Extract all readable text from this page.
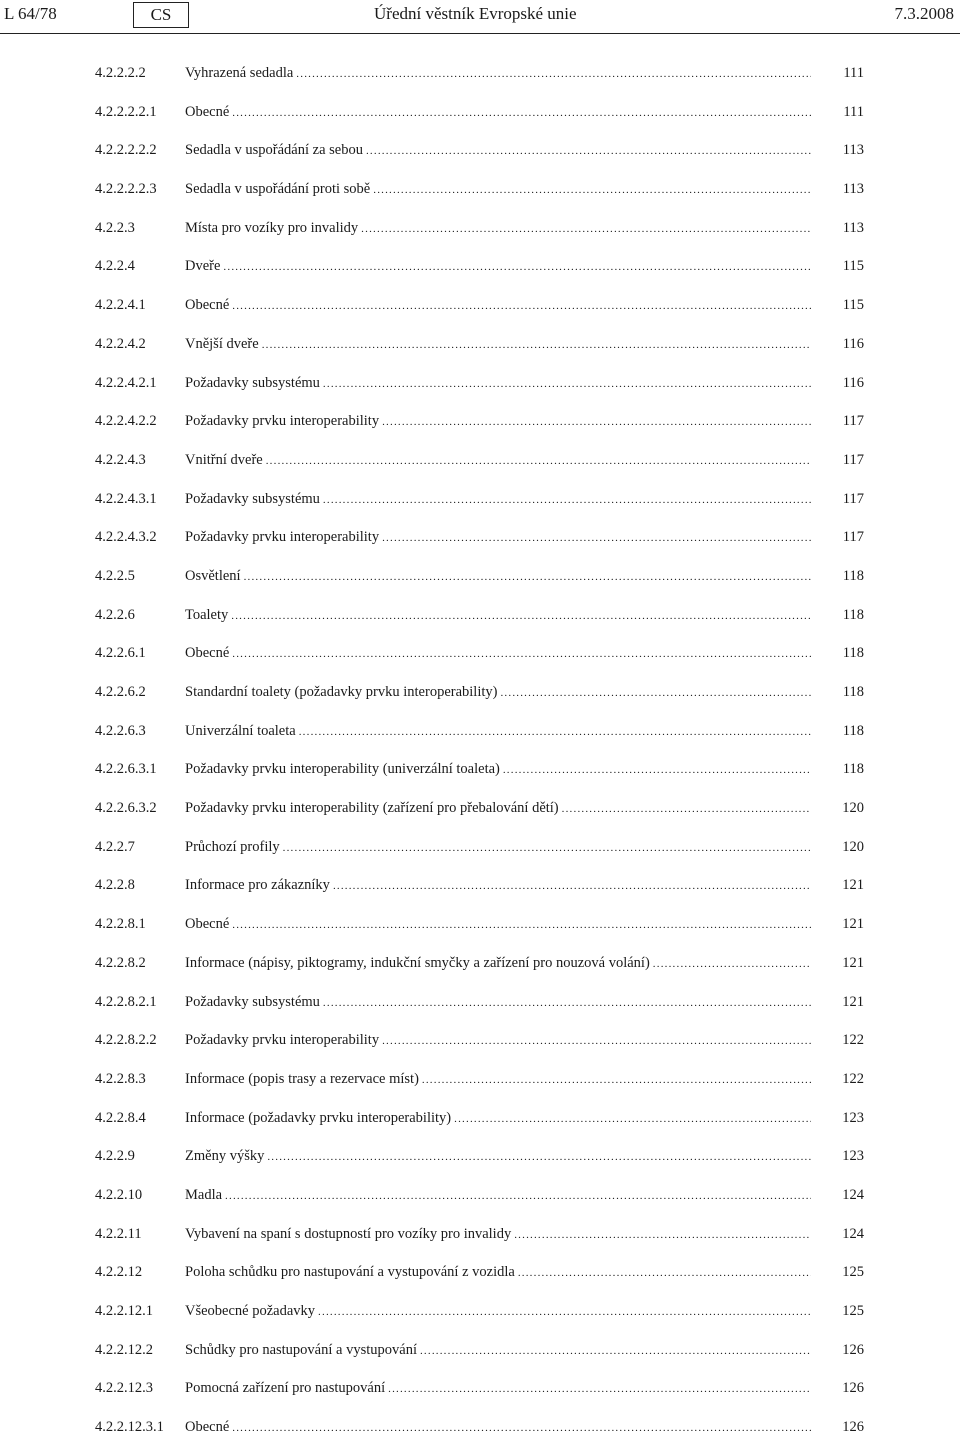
L 64/78	CS	Úřední věstník Evropské unie	7.3.2008
4.2.2.2.2	Vyhrazená sedadla .....	111
4.2.2.2.2.1 Obecné .....	111
4.2.2.2.2.2 Sedadla v uspořádání za sebou .....	113
4.2.2.2.2.3 Sedadla v uspořádání proti sobě .....	113
4.2.2.3	Místa pro vozíky pro invalidy .....	113
4.2.2.4	Dveře .....	115
4.2.2.4.1	Obecné .....	115
4.2.2.4.2	Vnější dveře .....	116
4.2.2.4.2.1 Požadavky subsystému .....	116
4.2.2.4.2.2 Požadavky prvku interoperability .....	117
4.2.2.4.3	Vnitřní dveře .....	117
4.2.2.4.3.1 Požadavky subsystému .....	117
4.2.2.4.3.2 Požadavky prvku interoperability .....	117
4.2.2.5	Osvětlení .....	118
4.2.2.6	Toalety .....	118
4.2.2.6.1	Obecné .....	118
4.2.2.6.2	Standardní toalety (požadavky prvku interoperability) .....	118
4.2.2.6.3	Univerzální toaleta .....	118
4.2.2.6.3.1 Požadavky prvku interoperability (univerzální toaleta) .....	118
4.2.2.6.3.2 Požadavky prvku interoperability (zařízení pro přebalování dětí) .....	120
4.2.2.7	Průchozí profily .....	120
4.2.2.8	Informace pro zákazníky .....	121
4.2.2.8.1	Obecné .....	121
4.2.2.8.2	Informace (nápisy, piktogramy, indukční smyčky a zařízení pro nouzová volání) .....	121
4.2.2.8.2.1 Požadavky subsystému .....	121
4.2.2.8.2.2 Požadavky prvku interoperability .....	122
4.2.2.8.3	Informace (popis trasy a rezervace míst) .....	122
4.2.2.8.4	Informace (požadavky prvku interoperability) .....	123
4.2.2.9	Změny výšky .....	123
4.2.2.10	Madla .....	124
4.2.2.11	Vybavení na spaní s dostupností pro vozíky pro invalidy .....	124
4.2.2.12	Poloha schůdku pro nastupování a vystupování z vozidla .....	125
4.2.2.12.1 Všeobecné požadavky .....	125
4.2.2.12.2 Schůdky pro nastupování a vystupování .....	126
4.2.2.12.3 Pomocná zařízení pro nastupování .....	126
4.2.2.12.3.1 Obecné .....	126
